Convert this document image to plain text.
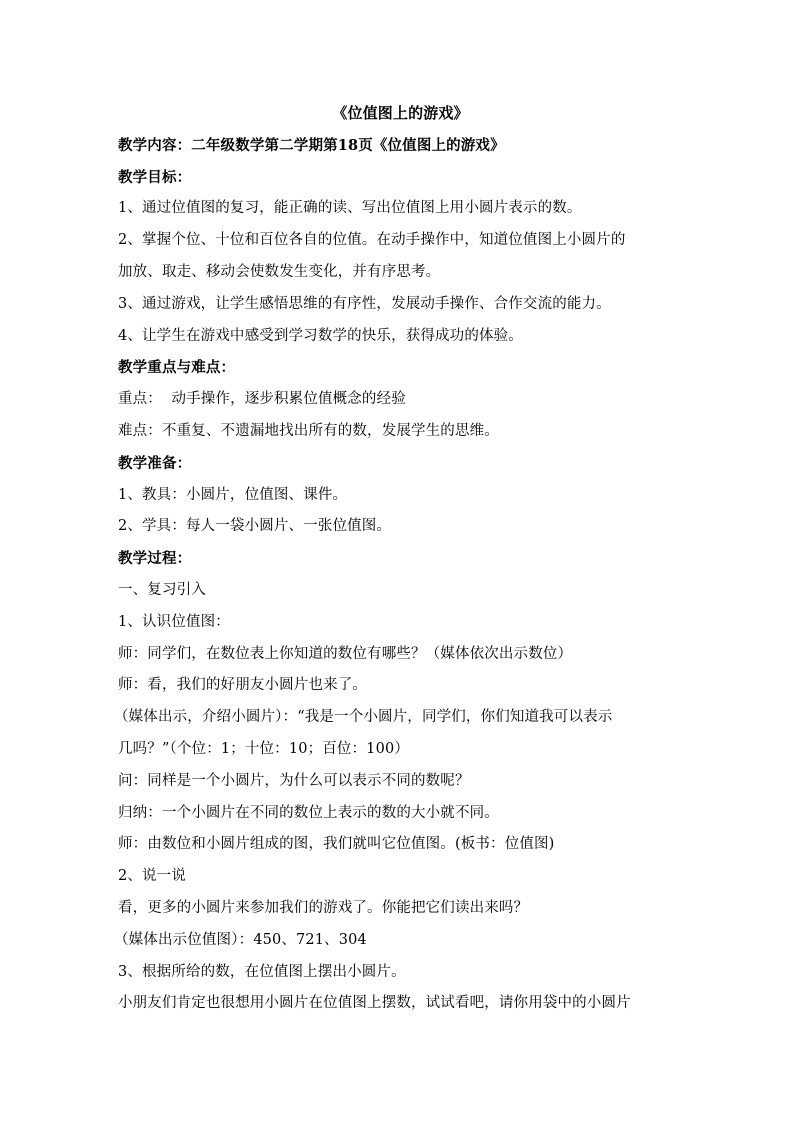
《位值图上的游戏》
教学内容：二年级数学第二学期第18页《位值图上的游戏》
教学目标：
1、通过位值图的复习，能正确的读、写出位值图上用小圆片表示的数。
2、掌握个位、十位和百位各自的位值。在动手操作中，知道位值图上小圆片的
加放、取走、移动会使数发生变化，并有序思考。
3、通过游戏，让学生感悟思维的有序性，发展动手操作、合作交流的能力。
4、让学生在游戏中感受到学习数学的快乐，获得成功的体验。
教学重点与难点：
重点：  动手操作，逐步积累位值概念的经验
难点：不重复、不遗漏地找出所有的数，发展学生的思维。
教学准备：
1、教具：小圆片，位值图、课件。
2、学具：每人一袋小圆片、一张位值图。
教学过程：
一、复习引入
1、认识位值图：
师：同学们，在数位表上你知道的数位有哪些？（媒体依次出示数位）
师：看，我们的好朋友小圆片也来了。
（媒体出示，介绍小圆片）：“我是一个小圆片，同学们，你们知道我可以表示
几吗？”（个位：1；十位：10；百位：100）
问：同样是一个小圆片，为什么可以表示不同的数呢？
归纳：一个小圆片在不同的数位上表示的数的大小就不同。
师：由数位和小圆片组成的图，我们就叫它位值图。(板书：位值图)
2、说一说
看，更多的小圆片来参加我们的游戏了。你能把它们读出来吗？
（媒体出示位值图）：450、721、304
3、根据所给的数，在位值图上摆出小圆片。
小朋友们肯定也很想用小圆片在位值图上摆数，试试看吧，请你用袋中的小圆片
